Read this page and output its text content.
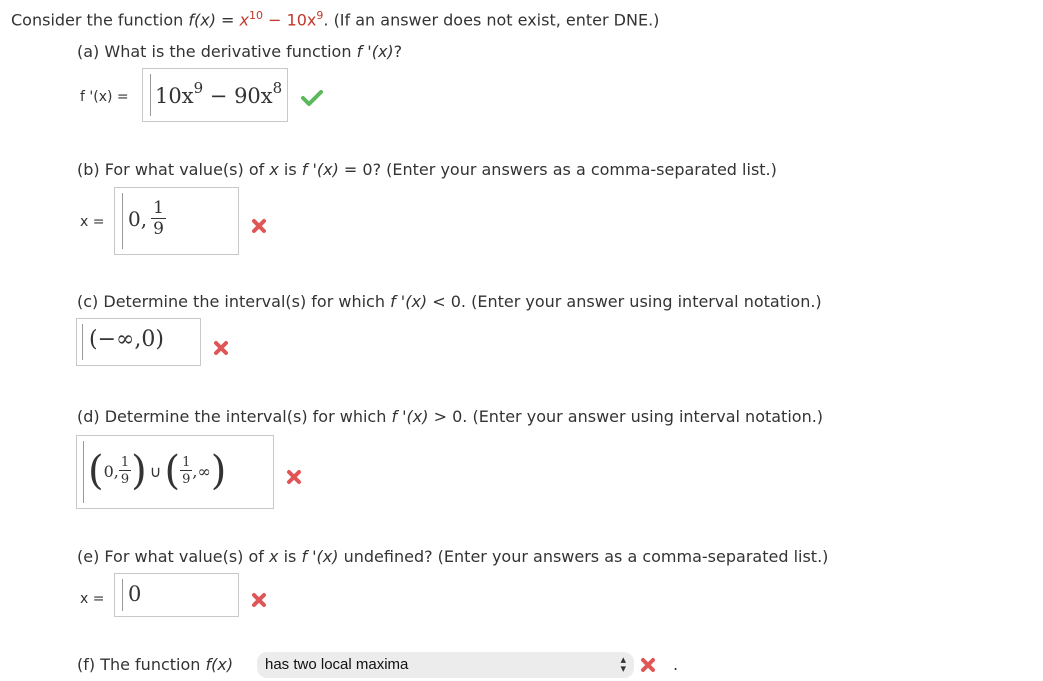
Consider the function $f(x) = x^{10} - 10x^9$. (If an answer does not exist, enter DNE.)
(a) What is the derivative function f '(x)?
f '$(x) = 10x^9 - 90x^8$
(b) For what value(s) of x is f '(x) = 0? (Enter your answers as a comma-separated list.)
x = 0, $\frac{1}{9}$
(c) Determine the interval(s) for which f '(x) < 0. (Enter your answer using interval notation.)
(−∞,0)
(d) Determine the interval(s) for which f '(x) > 0. (Enter your answer using interval notation.)
( 0, $\frac{1}{9}$ ) ∪ ( $\frac{1}{9}$ ,∞ )
(e) For what value(s) of x is f '(x) undefined? (Enter your answers as a comma-separated list.)
x = 0
(f) The function f(x)	has two local maxima	▴
▾	.
